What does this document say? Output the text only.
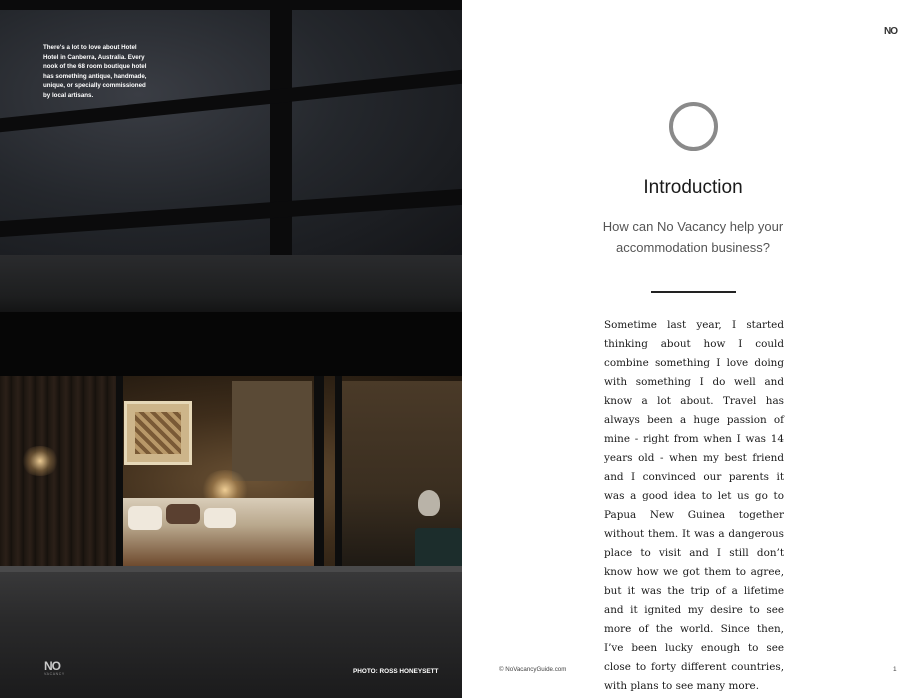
There's a lot to love about Hotel Hotel in Canberra, Australia. Every nook of the 68 room boutique hotel has something antique, handmade, unique, or specially commissioned by local artisans.
NO
VACANCY	PHOTO: ROSS HONEYSETT
NO
Introduction
How can No Vacancy help your accommodation business?
Sometime last year, I started thinking about how I could combine something I love doing with something I do well and know a lot about. Travel has always been a huge passion of mine - right from when I was 14 years old - when my best friend and I convinced our parents it was a good idea to let us go to Papua New Guinea together without them. It was a dangerous place to visit and I still don’t know how we got them to agree, but it was the trip of a lifetime and it ignited my desire to see more of the world. Since then, I’ve been lucky enough to see close to forty different countries, with plans to see many more.
© NoVacancyGuide.com	1
